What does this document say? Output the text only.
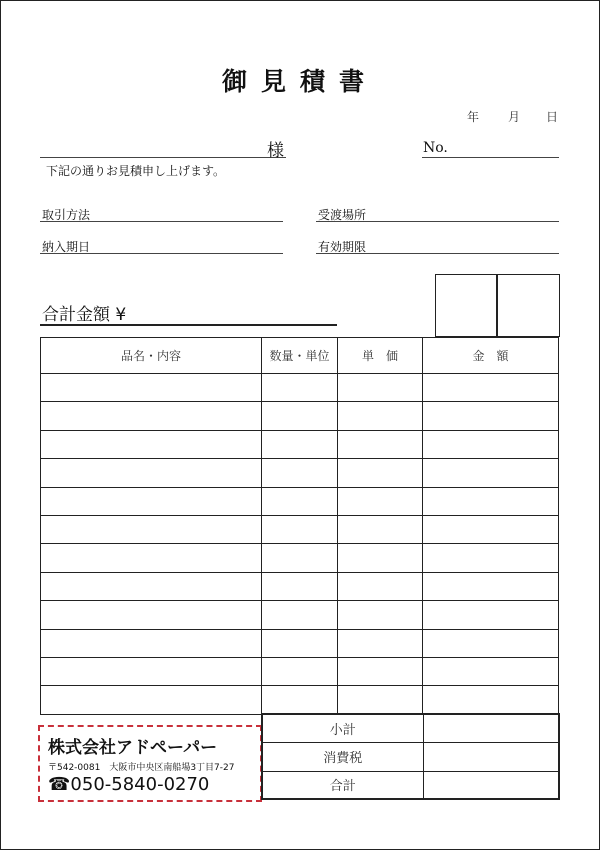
御見積書
年 月 日
様	No.
下記の通りお見積申し上げます。
取引方法	受渡場所
納入期日	有効期限
合計金額 ¥
品名・内容	数量・単位	単　価	金　額

株式会社アドペーパー
〒542-0081　大阪市中央区南船場3丁目7-27
☎050-5840-0270
小計	
消費税	
合計	
